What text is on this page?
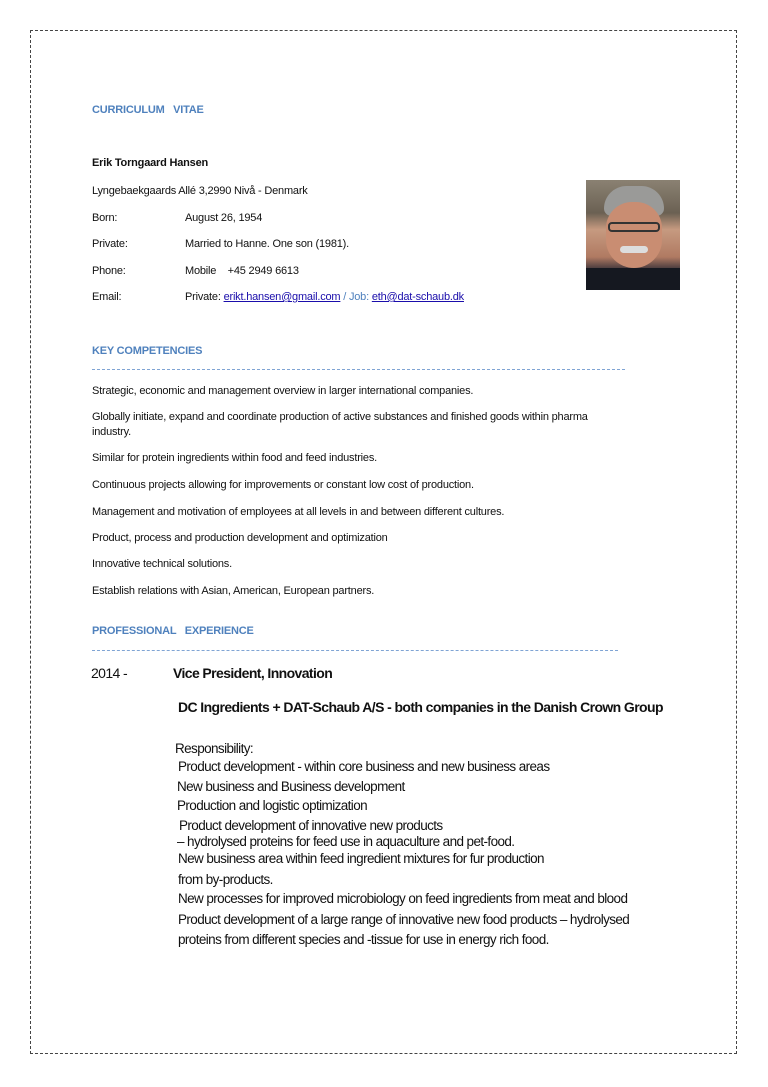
CURRICULUM   VITAE
Erik Torngaard Hansen
Lyngebaekgaards Allé 3,2990 Nivå - Denmark
Born:	August 26, 1954
Private:	Married to Hanne. One son (1981).
Phone:	Mobile    +45 2949 6613
Email:	Private: erikt.hansen@gmail.com / Job: eth@dat-schaub.dk
KEY COMPETENCIES
Strategic, economic and management overview in larger international companies.
Globally initiate, expand and coordinate production of active substances and finished goods within pharma
industry.
Similar for protein ingredients within food and feed industries.
Continuous projects allowing for improvements or constant low cost of production.
Management and motivation of employees at all levels in and between different cultures.
Product, process and production development and optimization
Innovative technical solutions.
Establish relations with Asian, American, European partners.
PROFESSIONAL   EXPERIENCE
2014 -	Vice President, Innovation
DC Ingredients + DAT-Schaub A/S - both companies in the Danish Crown Group
Responsibility:
Product development - within core business and new business areas
New business and Business development
Production and logistic optimization
Product development of innovative new products
– hydrolysed proteins for feed use in aquaculture and pet-food.
New business area within feed ingredient mixtures for fur production
from by-products.
New processes for improved microbiology on feed ingredients from meat and blood
Product development of a large range of innovative new food products – hydrolysed
proteins from different species and -tissue for use in energy rich food.
